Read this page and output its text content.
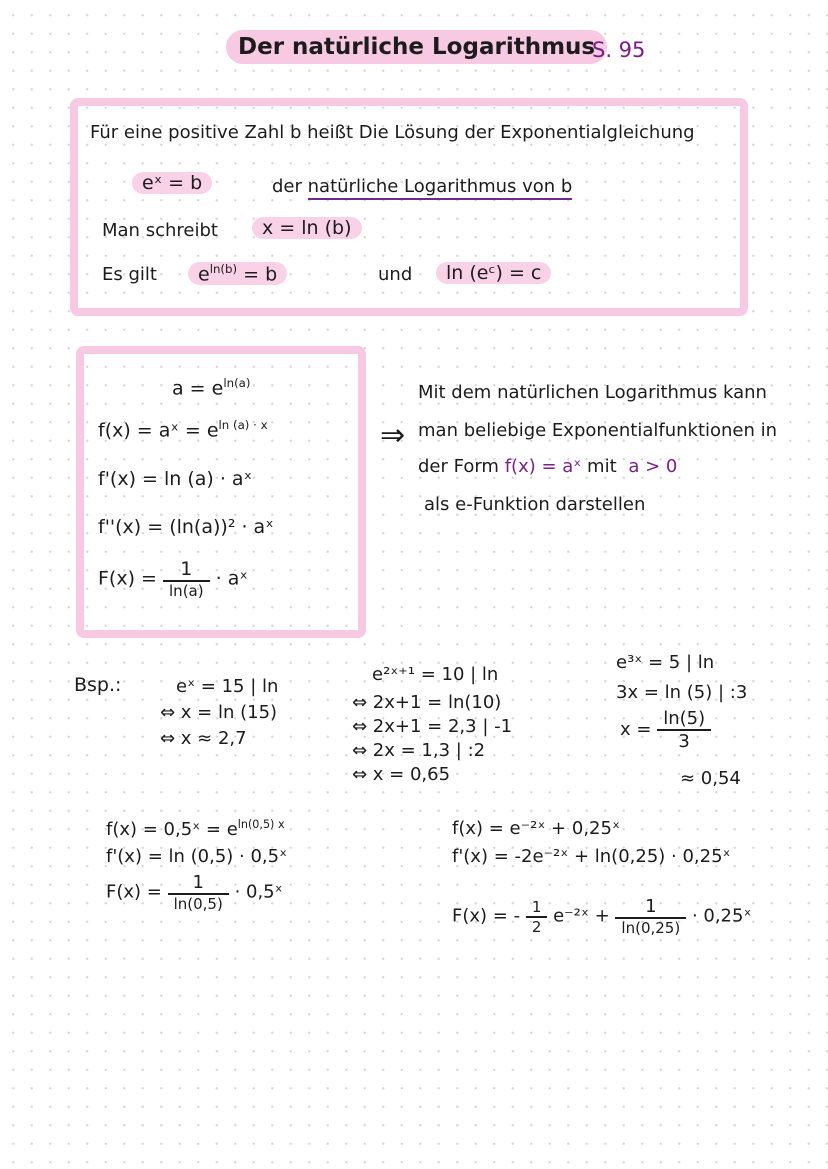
Der natürliche Logarithmus
S. 95
Für eine positive Zahl b heißt Die Lösung der Exponentialgleichung
eˣ = b	der natürliche Logarithmus von b
Man schreibt	x = ln (b)
Es gilt	$e^{ln(b)} = b$	und	ln (eᶜ) = c
$a = e^{ln(a)}$
f(x) = aˣ = $e^{ln (a) \cdot x}$
f'(x) = ln (a) · aˣ
f''(x) = (ln(a))² · aˣ
$F(x) = \frac{1}{\ln(a)}$ · aˣ
⇒
Mit dem natürlichen Logarithmus kann
man beliebige Exponentialfunktionen in
der Form f(x) = aˣ mit a > 0
als e-Funktion darstellen
Bsp.:	eˣ = 15 | ln
⇔ x = ln (15)
⇔ x ≈ 2,7
e²ˣ⁺¹ = 10 | ln
⇔ 2x+1 = ln(10)
⇔ 2x+1 = 2,3 | -1
⇔ 2x = 1,3 | :2
⇔ x = 0,65
e³ˣ = 5 | ln
3x = ln (5) | :3
$x = \frac{\ln(5)}{3}$
≈ 0,54
f(x) = 0,5ˣ = $e^{ln(0,5) x}$
f'(x) = ln (0,5) · 0,5ˣ
$F(x) = \frac{1}{\ln(0,5)}$ · 0,5ˣ
f(x) = e⁻²ˣ + 0,25ˣ
f'(x) = -2e⁻²ˣ + ln(0,25) · 0,25ˣ
F(x) = - $\frac{1}{2}$ e⁻²ˣ + $\frac{1}{\ln(0,25)}$ · 0,25ˣ
